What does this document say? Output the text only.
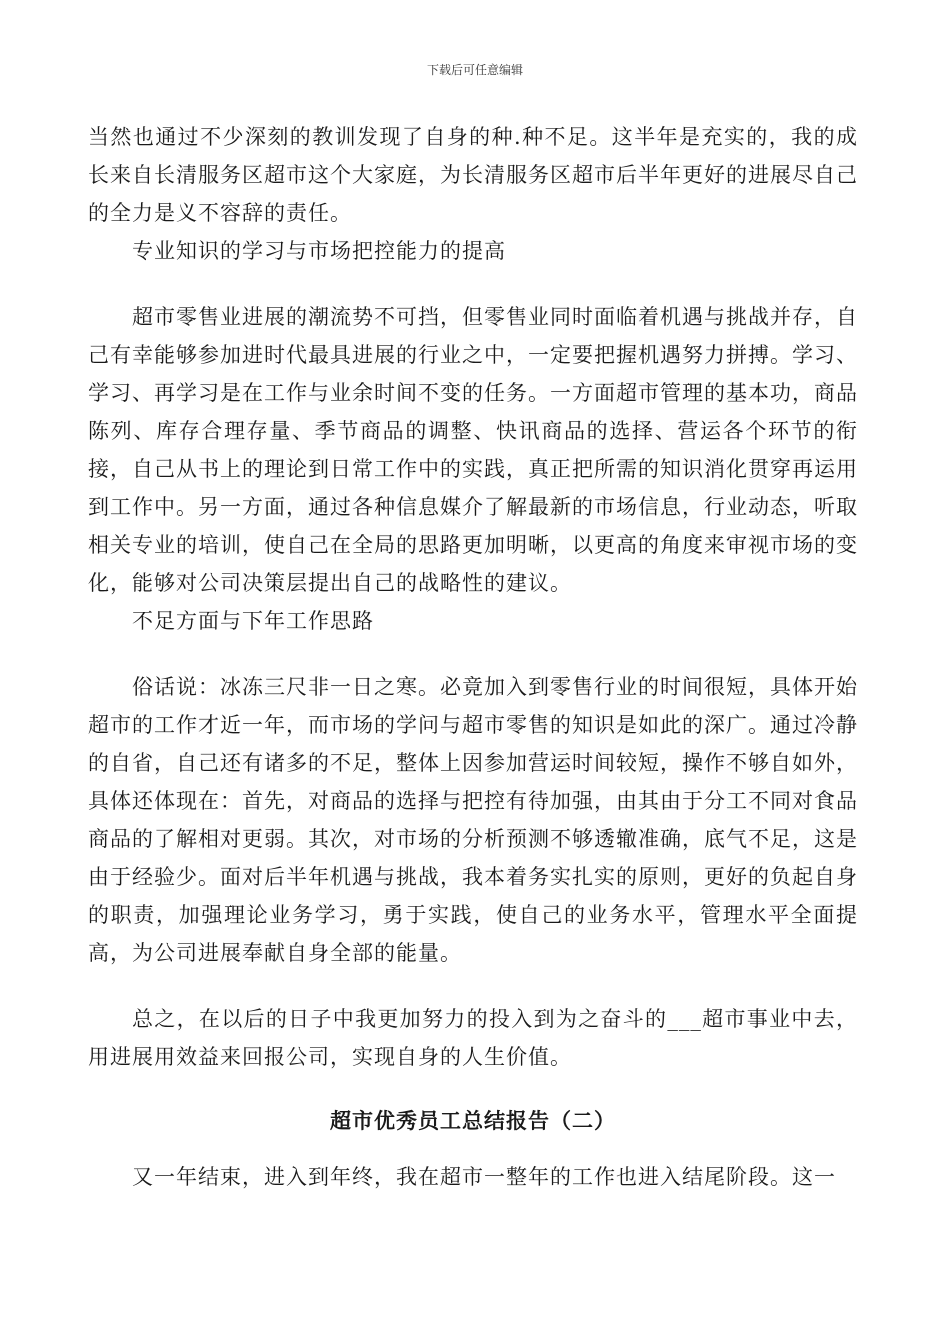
下载后可任意编辑

当然也通过不少深刻的教训发现了自身的种.种不足。这半年是充实的，我的成长来自长清服务区超市这个大家庭，为长清服务区超市后半年更好的进展尽自己的全力是义不容辞的责任。

专业知识的学习与市场把控能力的提高

超市零售业进展的潮流势不可挡，但零售业同时面临着机遇与挑战并存，自己有幸能够参加进时代最具进展的行业之中，一定要把握机遇努力拼搏。学习、学习、再学习是在工作与业余时间不变的任务。一方面超市管理的基本功，商品陈列、库存合理存量、季节商品的调整、快讯商品的选择、营运各个环节的衔接，自己从书上的理论到日常工作中的实践，真正把所需的知识消化贯穿再运用到工作中。另一方面，通过各种信息媒介了解最新的市场信息，行业动态，听取相关专业的培训，使自己在全局的思路更加明晰，以更高的角度来审视市场的变化，能够对公司决策层提出自己的战略性的建议。

不足方面与下年工作思路

俗话说：冰冻三尺非一日之寒。必竟加入到零售行业的时间很短，具体开始超市的工作才近一年，而市场的学问与超市零售的知识是如此的深广。通过冷静的自省，自己还有诸多的不足，整体上因参加营运时间较短，操作不够自如外，具体还体现在：首先，对商品的选择与把控有待加强，由其由于分工不同对食品商品的了解相对更弱。其次，对市场的分析预测不够透辙准确，底气不足，这是由于经验少。面对后半年机遇与挑战，我本着务实扎实的原则，更好的负起自身的职责，加强理论业务学习，勇于实践，使自己的业务水平，管理水平全面提高，为公司进展奉献自身全部的能量。

总之，在以后的日子中我更加努力的投入到为之奋斗的___超市事业中去，用进展用效益来回报公司，实现自身的人生价值。

超市优秀员工总结报告（二）

又一年结束，进入到年终，我在超市一整年的工作也进入结尾阶段。这一
